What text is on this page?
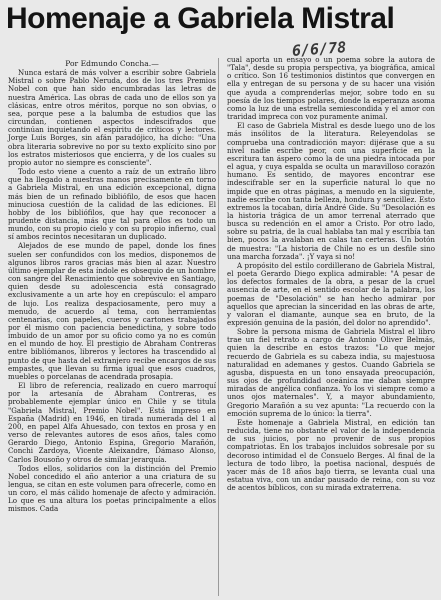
Homenaje a Gabriela Mistral
6/6/78
Por Edmundo Concha.—

Nunca estará de más volver a escribir sobre Gabriela Mistral o sobre Pablo Neruda, dos de los tres Premios Nobel con que han sido encumbradas las letras de nuestra América. Las obras de cada uno de ellos son ya clásicas, entre otros méritos, porque no son obvias, o sea, porque pese a la balumba de estudios que las circundan, contienen aspectos indescifrados que continúan inquietando el espíritu de críticos y lectores. Jorge Luis Borges, sin afán paradójico, ha dicho: "Una obra literaria sobrevive no por su texto explícito sino por los estratos misteriosos que encierra, y de los cuales su propio autor no siempre es consciente".

Todo esto viene a cuento a raíz de un extraño libro que ha llegado a nuestras manos precisamente en torno a Gabriela Mistral, en una edición excepcional, digna más bien de un refinado bibliófilo, de esos que hacen minuciosa cuestión de la calidad de las ediciones. El hobby de los bibliófilos, que hay que reconocer a prudente distancia, más que tal para ellos es todo un mundo, con su propio cielo y con su propio infierno, cual sí ambos recintos necesitaran un duplicado.

Alejados de ese mundo de papel, donde los fines suelen ser confundidos con los medios, disponemos de algunos libros raros gracias más bien al azar. Nuestro último ejemplar de esta índole es obsequio de un hombre con sangre del Renacimiento que sobrevive en Santiago, quien desde su adolescencia está consagrado exclusivamente a un arte hoy en crepúsculo: el amparo de lujo. Los realiza despaciosamente, pero muy a menudo, de acuerdo al tema, con herramientas centenarias, con papeles, cueros y cartones trabajados por él mismo con paciencia benedictina, y sobre todo imbuido de un amor por su oficio como ya no es común en el mundo de hoy. El prestigio de Abraham Contreras entre bibliómanos, libreros y lectores ha trascendido al punto de que hasta del extranjero recibe encargos de sus empastes, que llevan su firma igual que esos cuadros, muebles o porcelanas de acendrada prosapia.

El libro de referencia, realizado en cuero marroquí por la artesanía de Abraham Contreras, es probablemente ejemplar único en Chile y se titula "Gabriela Mistral, Premio Nobel". Está impreso en España (Madrid) en 1946, en tirada numerada del 1 al 200, en papel Alfa Ahuesado, con textos en prosa y en verso de relevantes autores de esos años, tales como Gerardo Diego, Antonio Espina, Gregorio Marañón, Conchi Zardoya, Vicente Aleixandre, Dámaso Alonso, Carlos Bousoño y otros de similar jerarquía.

Todos ellos, solidarios con la distinción del Premio Nobel concedido el año anterior a una criatura de su lengua, se citan en este volumen para ofrecerle, como en un coro, el más cálido homenaje de afecto y admiración. Lo que es una altura los poetas principalmente a ellos mismos. Cada

cual aporta un ensayo o un poema sobre la autora de "Tala", desde su propia perspectiva, ya biográfica, amical o crítico. Son 16 testimonios distintos que convergen en ella y entregan de su persona y de su hacer una visión que ayuda a comprenderlas mejor, sobre todo en su poesía de los tiempos polares, donde la esperanza asoma como la luz de una estrella semiescondida y el amor con traridad impreca con voz puramente animal.

El caso de Gabriela Mistral es desde luego uno de los más insólitos de la literatura. Releyendolas se comprueba una contradicción mayor: dijérase que a su nivel nadie escribe peor, con una superficie en la escritura tan áspero como la de una piedra intocada por el agua, y cuya espalda se oculta un maravilloso corazón humano. Es sentido, de mayores encontrar ese indescifrable ser en la superficie natural lo que no impide que en otras páginas, a menudo en la siguiente, nadie escribe con tanta belleza, hondura y sencillez. Esto extremos la tocaban, diría André Gide. Su "Desolación es la historia trágica de un amor terrenal aterrado que busca su redención en el amor a Cristo. Por otro lado, sobre su patria, de la cual hablaba tan mal y escribía tan bien, pocos la avalaban en calas tan certeras. Un botón de muestra: "La historia de Chile no es un desfile sino una marcha forzada". ¡Y vaya si no!

A propósito del estilo cordillerano de Gabriela Mistral, el poeta Gerardo Diego explica admirable: "A pesar de los defectos formales de la obra, a pesar de la cruel ausencia de arte, en el sentido escolar de la palabra, los poemas de "Desolación" se han hecho admirar por aquellos que aprecian la sinceridad en las obras de arte, y valoran el diamante, aunque sea en bruto, de la expresión genuina de la pasión, del dolor no aprendido".

Sobre la persona misma de Gabriela Mistral el libro trae un fiel retrato a cargo de Antonio Oliver Belmás, quien la describe en estos trazos: "Lo que mejor recuerdo de Gabriela es su cabeza india, su majestuosa naturalidad en ademanes y gestos. Cuando Gabriela se agusba, dispuesta en un tono ensayada preocupación, sus ojos de profundidad oceánica me daban siempre miradas de angélica confianza. Yo los vi siempre como a unos ojos maternales". Y, a mayor abundamiento, Gregorio Marañón a su vez apunta: "La recuerdo con la emoción suprema de lo único: la tierra".

Este homenaje a Gabriela Mistral, en edición tan reducida, tiene no obstante el valor de la independencia de sus juicios, por no provenir de sus propios compatriotas. En los trabajos incluidos sobresale por su decoroso intimidad el de Consuelo Berges. Al final de la lectura de todo libro, la poetisa nacional, después de yacer más de 18 años bajo tierra, se levanta cual una estatua viva, con un andar pausado de reina, con su voz de acentos bíblicos, con su mirada extraterrena.
